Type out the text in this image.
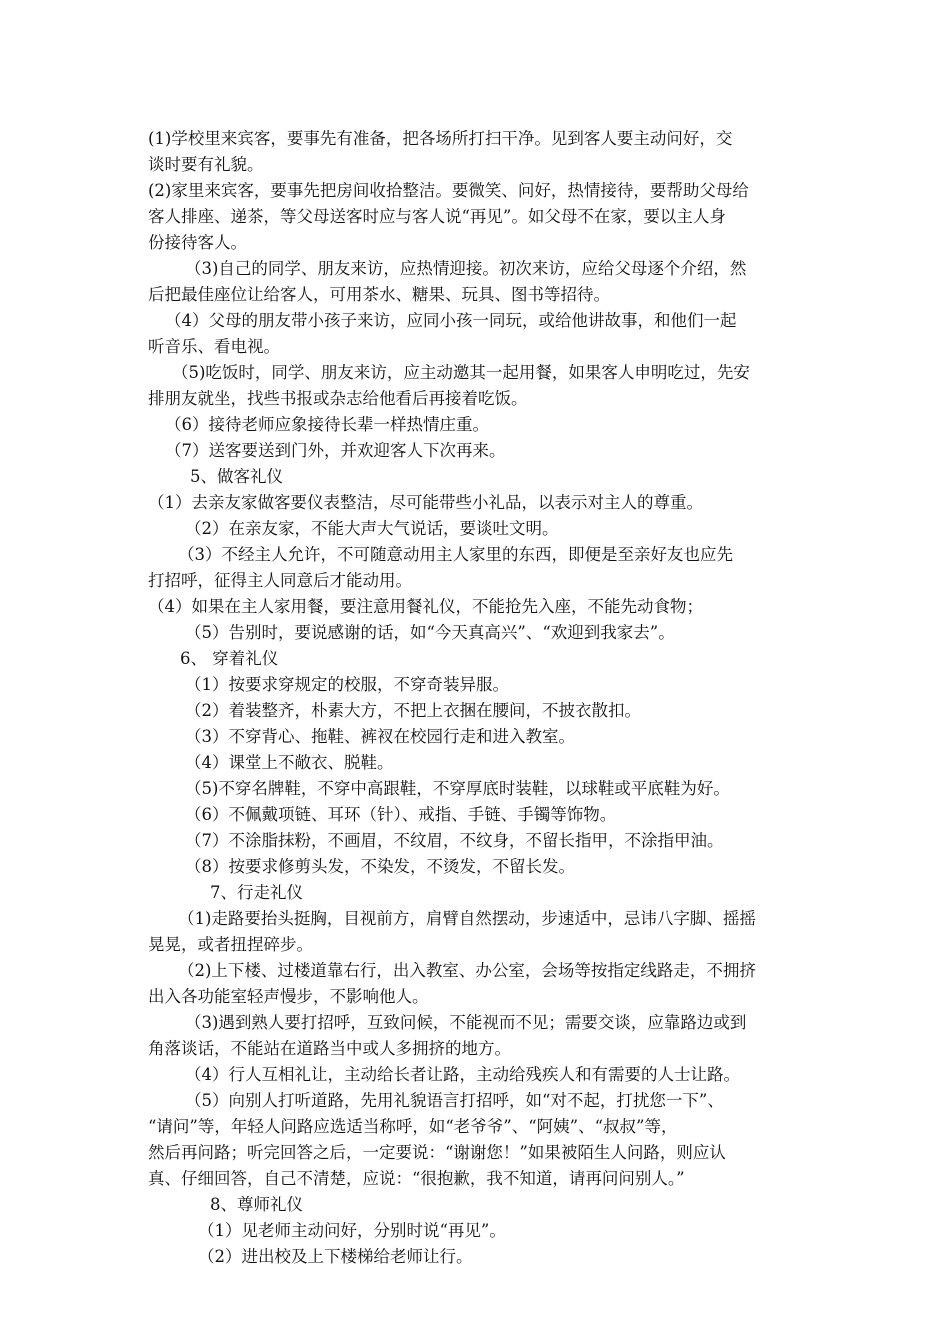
(1)学校里来宾客，要事先有准备，把各场所打扫干净。见到客人要主动问好，交
谈时要有礼貌。
(2)家里来宾客，要事先把房间收拾整洁。要微笑、问好，热情接待，要帮助父母给
客人排座、递茶，等父母送客时应与客人说“再见”。如父母不在家，要以主人身
份接待客人。
（3)自己的同学、朋友来访，应热情迎接。初次来访，应给父母逐个介绍，然
后把最佳座位让给客人，可用茶水、糖果、玩具、图书等招待。
（4）父母的朋友带小孩子来访，应同小孩一同玩，或给他讲故事，和他们一起
听音乐、看电视。
（5)吃饭时，同学、朋友来访，应主动邀其一起用餐，如果客人申明吃过，先安
排朋友就坐，找些书报或杂志给他看后再接着吃饭。
（6）接待老师应象接待长辈一样热情庄重。
（7）送客要送到门外，并欢迎客人下次再来。
5、做客礼仪
（1）去亲友家做客要仪表整洁，尽可能带些小礼品，以表示对主人的尊重。
（2）在亲友家，不能大声大气说话，要谈吐文明。
（3）不经主人允许，不可随意动用主人家里的东西，即便是至亲好友也应先
打招呼，征得主人同意后才能动用。
（4）如果在主人家用餐，要注意用餐礼仪，不能抢先入座，不能先动食物；
（5）告别时，要说感谢的话，如“今天真高兴”、“欢迎到我家去”。
6、 穿着礼仪
（1）按要求穿规定的校服，不穿奇装异服。
（2）着装整齐，朴素大方，不把上衣捆在腰间，不披衣散扣。
（3）不穿背心、拖鞋、裤衩在校园行走和进入教室。
（4）课堂上不敞衣、脱鞋。
（5)不穿名牌鞋，不穿中高跟鞋，不穿厚底时装鞋，以球鞋或平底鞋为好。
（6）不佩戴项链、耳环（针）、戒指、手链、手镯等饰物。
（7）不涂脂抹粉，不画眉，不纹眉，不纹身，不留长指甲，不涂指甲油。
（8）按要求修剪头发，不染发，不烫发，不留长发。
7、行走礼仪
（1)走路要抬头挺胸，目视前方，肩臂自然摆动，步速适中，忌讳八字脚、摇摇
晃晃，或者扭捏碎步。
（2)上下楼、过楼道靠右行，出入教室、办公室，会场等按指定线路走，不拥挤
出入各功能室轻声慢步，不影响他人。
（3)遇到熟人要打招呼，互致问候，不能视而不见；需要交谈，应靠路边或到
角落谈话，不能站在道路当中或人多拥挤的地方。
（4）行人互相礼让，主动给长者让路，主动给残疾人和有需要的人士让路。
（5）向别人打听道路，先用礼貌语言打招呼，如“对不起，打扰您一下”、
“请问”等，年轻人问路应选适当称呼，如“老爷爷”、“阿姨”、“叔叔”等，
然后再问路；听完回答之后，一定要说：“谢谢您！”如果被陌生人问路，则应认
真、仔细回答，自己不清楚，应说：“很抱歉，我不知道，请再问问别人。”
8、尊师礼仪
（1）见老师主动问好，分别时说“再见”。
（2）进出校及上下楼梯给老师让行。
